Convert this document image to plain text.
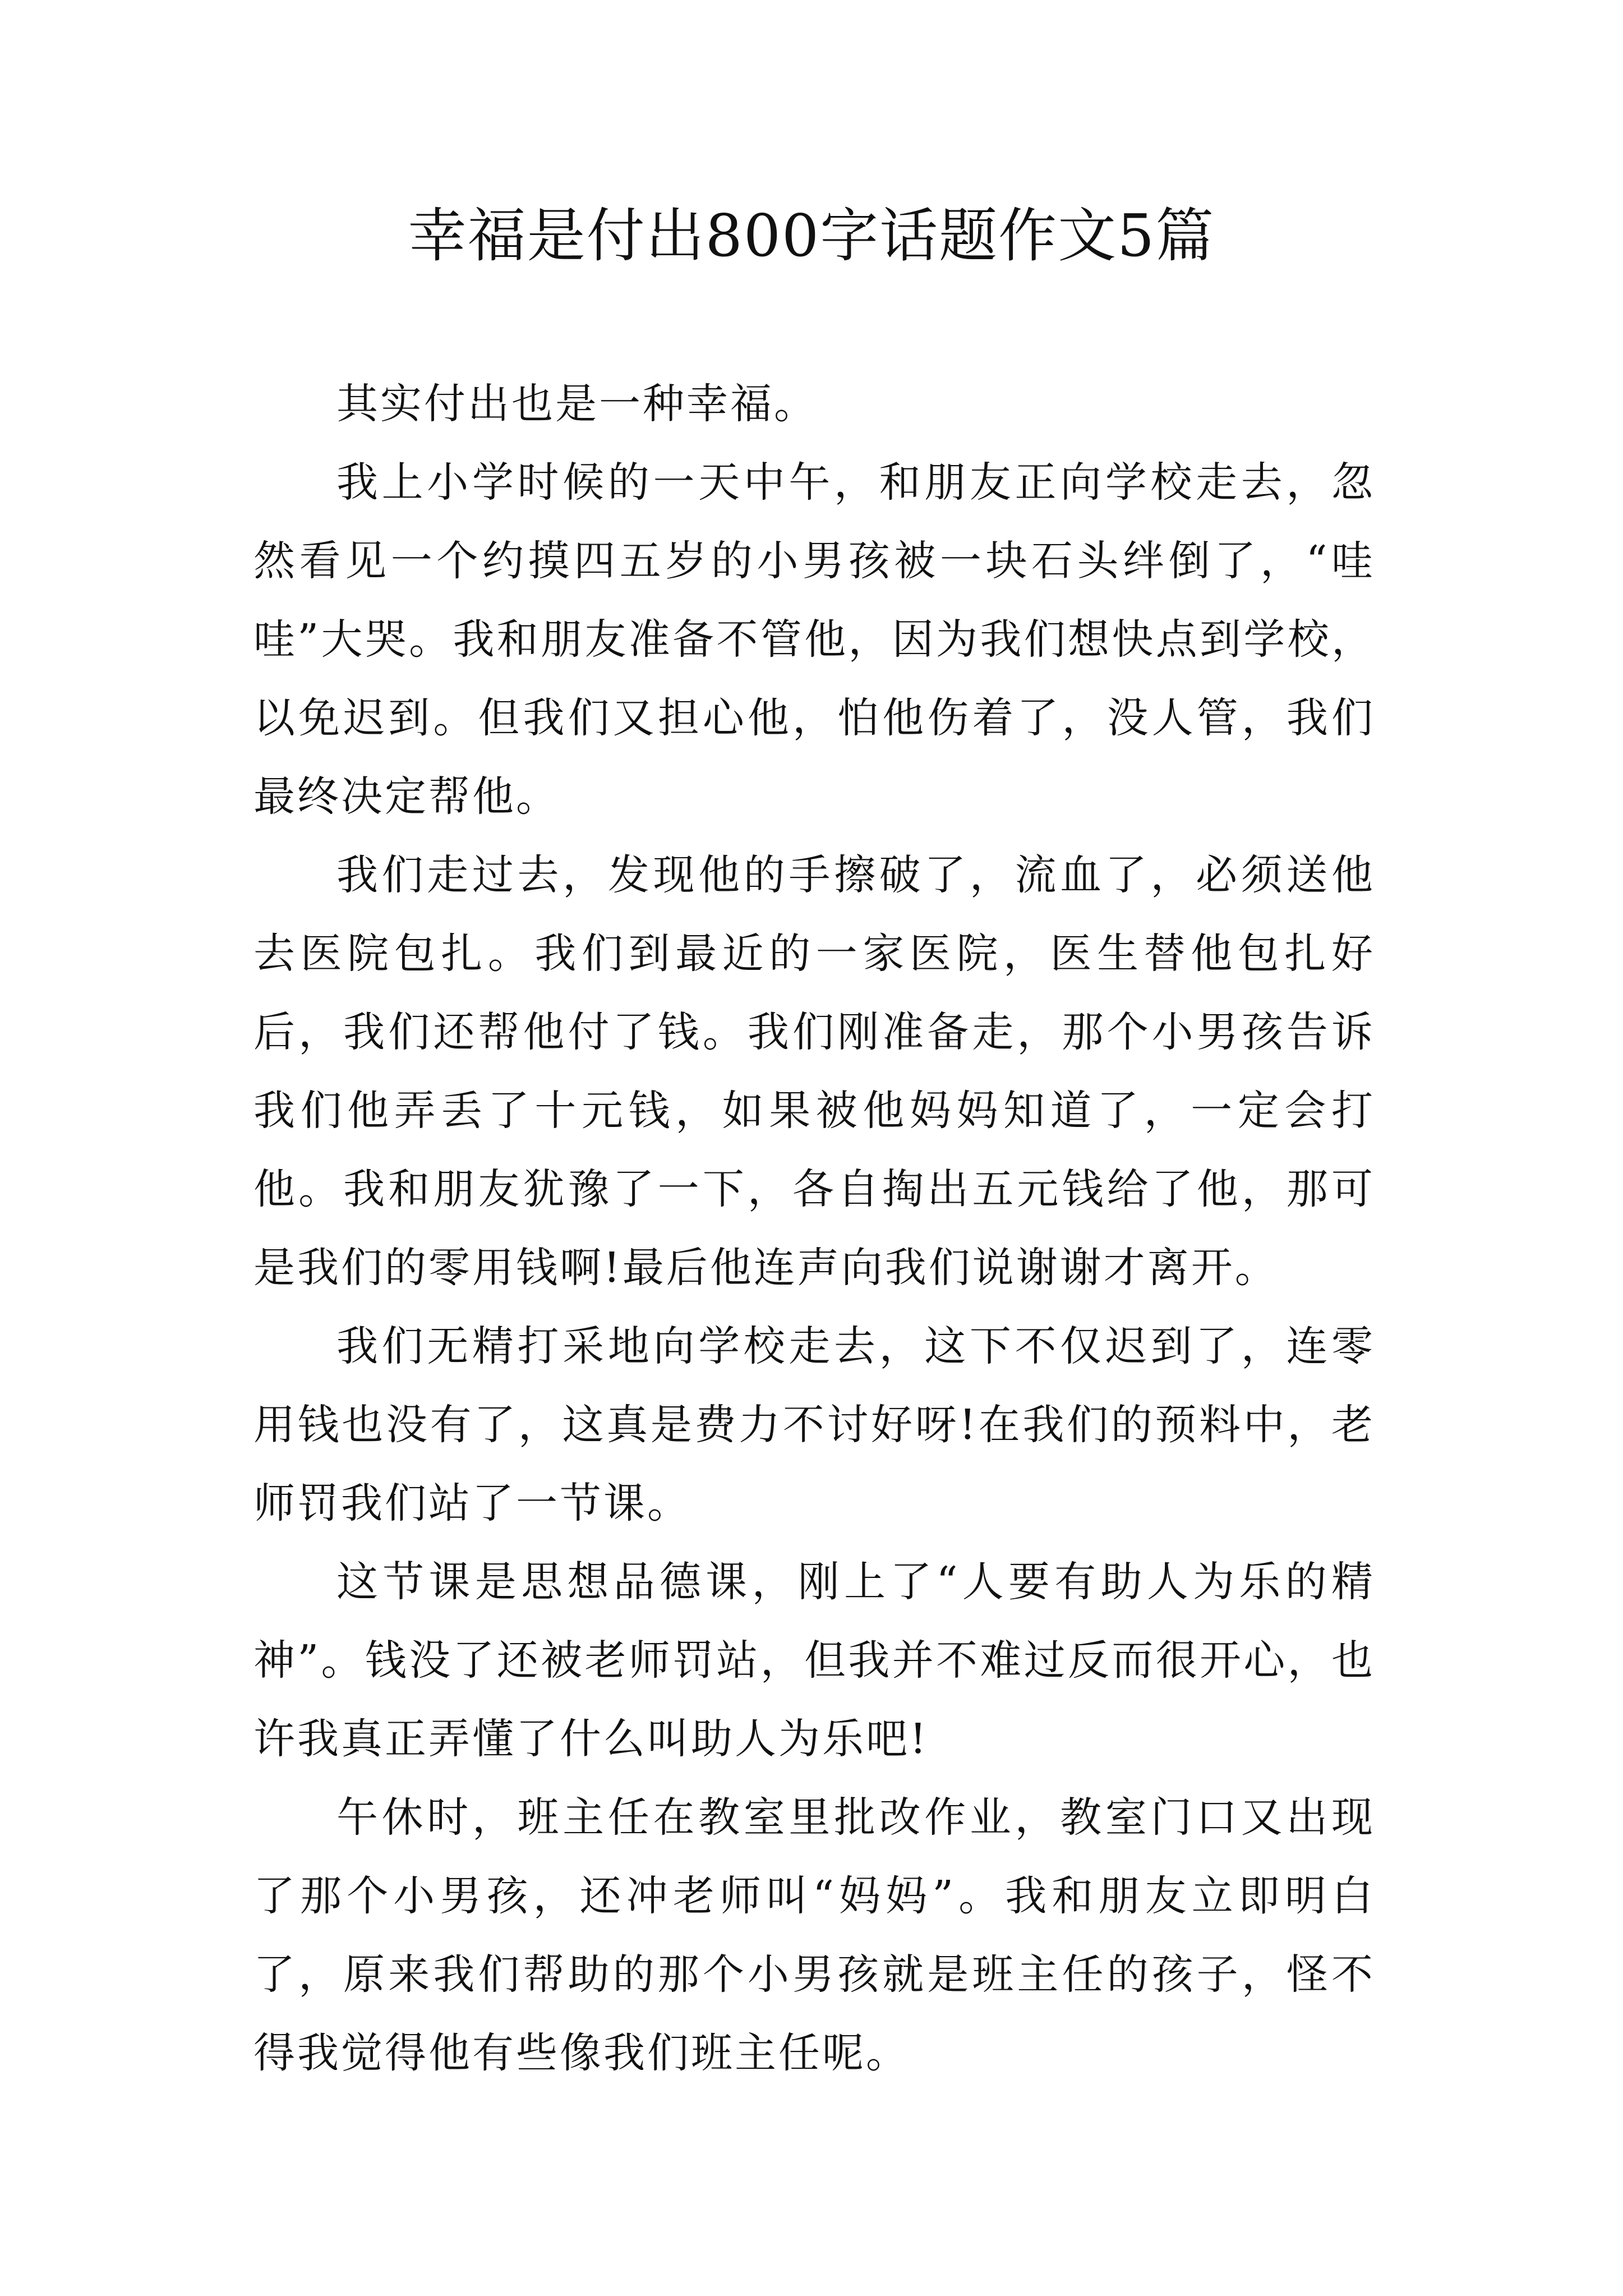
幸福是付出800字话题作文5篇

其实付出也是一种幸福。

我上小学时候的一天中午，和朋友正向学校走去，忽然看见一个约摸四五岁的小男孩被一块石头绊倒了，“哇哇”大哭。我和朋友准备不管他，因为我们想快点到学校，以免迟到。但我们又担心他，怕他伤着了，没人管，我们最终决定帮他。

我们走过去，发现他的手擦破了，流血了，必须送他去医院包扎。我们到最近的一家医院，医生替他包扎好后，我们还帮他付了钱。我们刚准备走，那个小男孩告诉我们他弄丢了十元钱，如果被他妈妈知道了，一定会打他。我和朋友犹豫了一下，各自掏出五元钱给了他，那可是我们的零用钱啊!最后他连声向我们说谢谢才离开。

我们无精打采地向学校走去，这下不仅迟到了，连零用钱也没有了，这真是费力不讨好呀!在我们的预料中，老师罚我们站了一节课。

这节课是思想品德课，刚上了“人要有助人为乐的精神”。钱没了还被老师罚站，但我并不难过反而很开心，也许我真正弄懂了什么叫助人为乐吧!

午休时，班主任在教室里批改作业，教室门口又出现了那个小男孩，还冲老师叫“妈妈”。我和朋友立即明白了，原来我们帮助的那个小男孩就是班主任的孩子，怪不得我觉得他有些像我们班主任呢。
